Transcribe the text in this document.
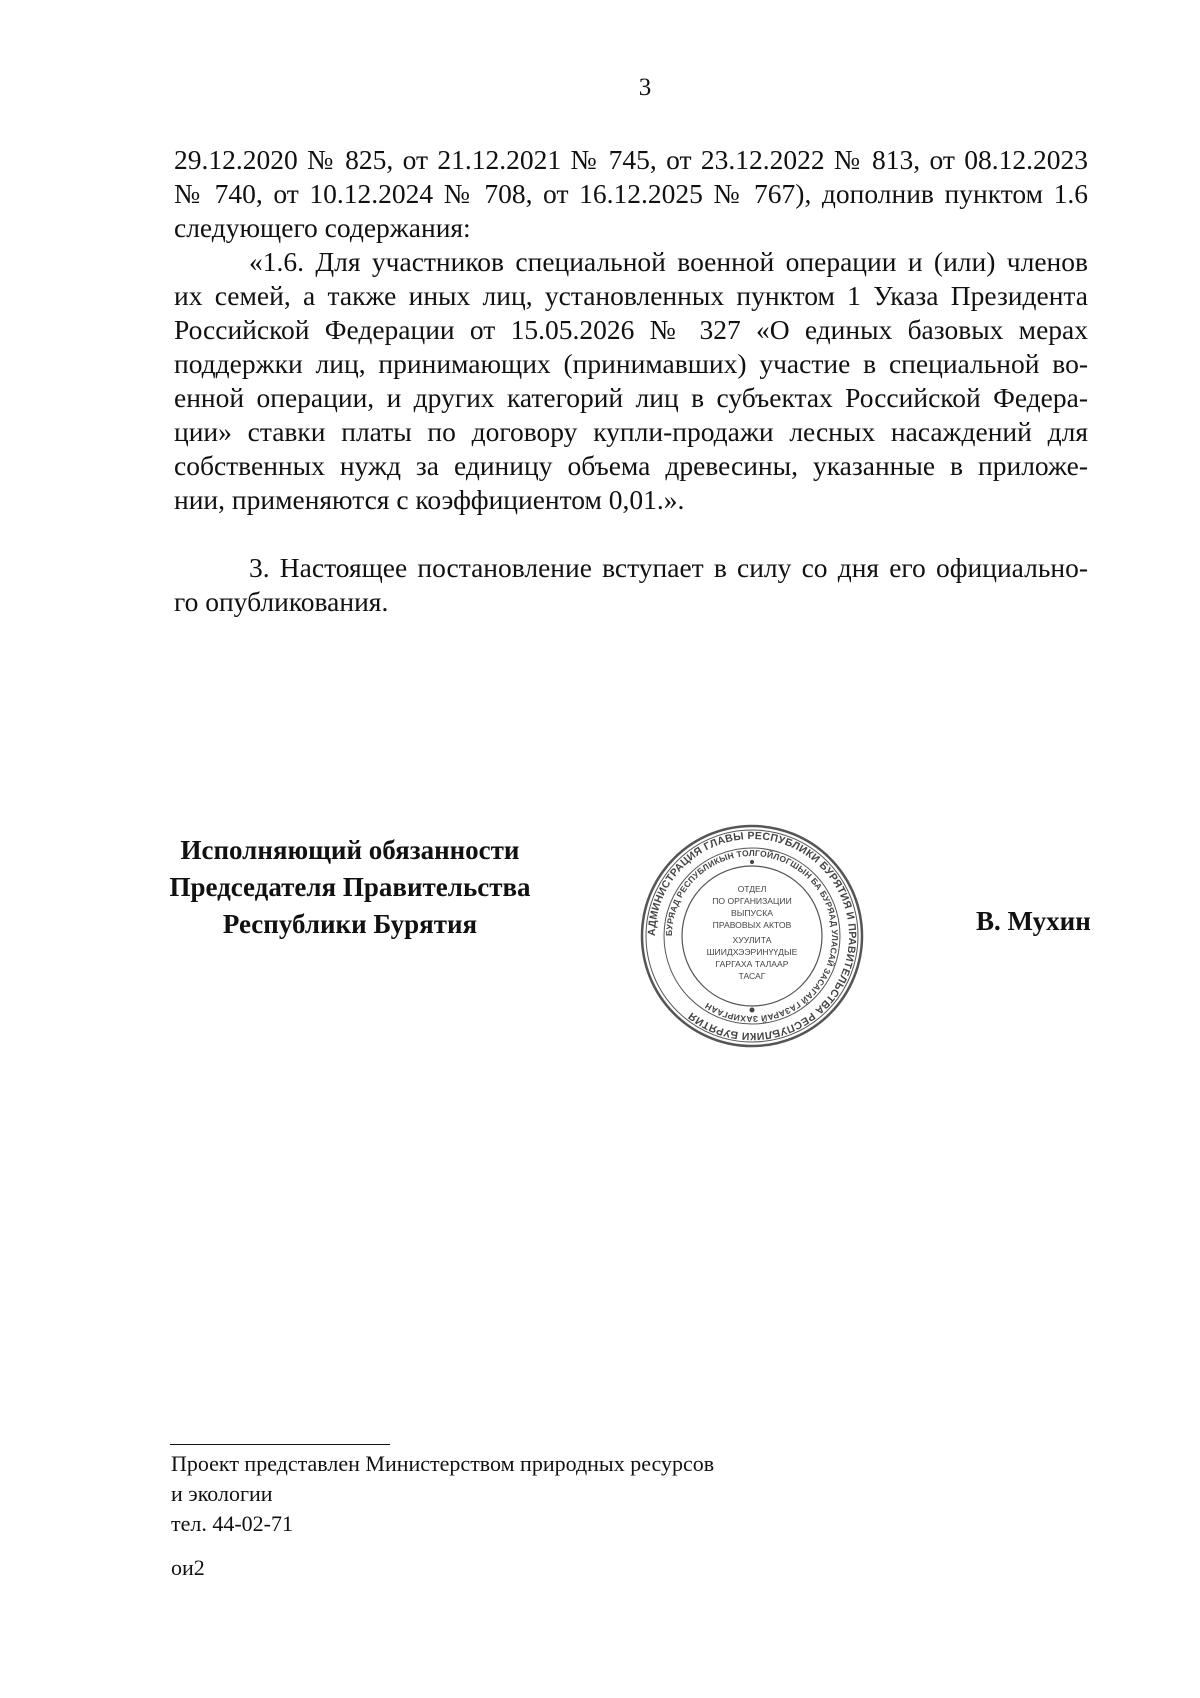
3
29.12.2020 № 825, от 21.12.2021 № 745, от 23.12.2022 № 813, от 08.12.2023
№ 740, от 10.12.2024 № 708, от 16.12.2025 № 767), дополнив пунктом 1.6
следующего содержания:
«1.6. Для участников специальной военной операции и (или) членов
их семей, а также иных лиц, установленных пунктом 1 Указа Президента
Российской Федерации от 15.05.2026 № 327 «О единых базовых мерах
поддержки лиц, принимающих (принимавших) участие в специальной во-
енной операции, и других категорий лиц в субъектах Российской Федера-
ции» ставки платы по договору купли-продажи лесных насаждений для
собственных нужд за единицу объема древесины, указанные в приложе-
нии, применяются с коэффициентом 0,01.».
3. Настоящее постановление вступает в силу со дня его официально-
го опубликования.
Исполняющий обязанности
Председателя Правительства
Республики Бурятия	АДМИНИСТРАЦИЯ ГЛАВЫ РЕСПУБЛИКИ БУРЯТИЯ И ПРАВИТЕЛЬСТВА РЕСПУБЛИКИ БУРЯТИЯ
БУРЯАД РЕСПУБЛИКЫН ТОЛГОЙЛОГШЫН БА БУРЯАД УЛАСАЙ ЗАСАГАЙ ГАЗАРАЙ ЗАХИРГААН
ОТДЕЛ
ПО ОРГАНИЗАЦИИ
ВЫПУСКА
ПРАВОВЫХ АКТОВ
ХУУЛИТА
ШИИДХЭЭРИНҮҮДЫЕ
ГАРГАХА ТАЛААР
ТАСАГ
В. Мухин
Проект представлен Министерством природных ресурсов
и экологии
тел. 44-02-71
ои2
